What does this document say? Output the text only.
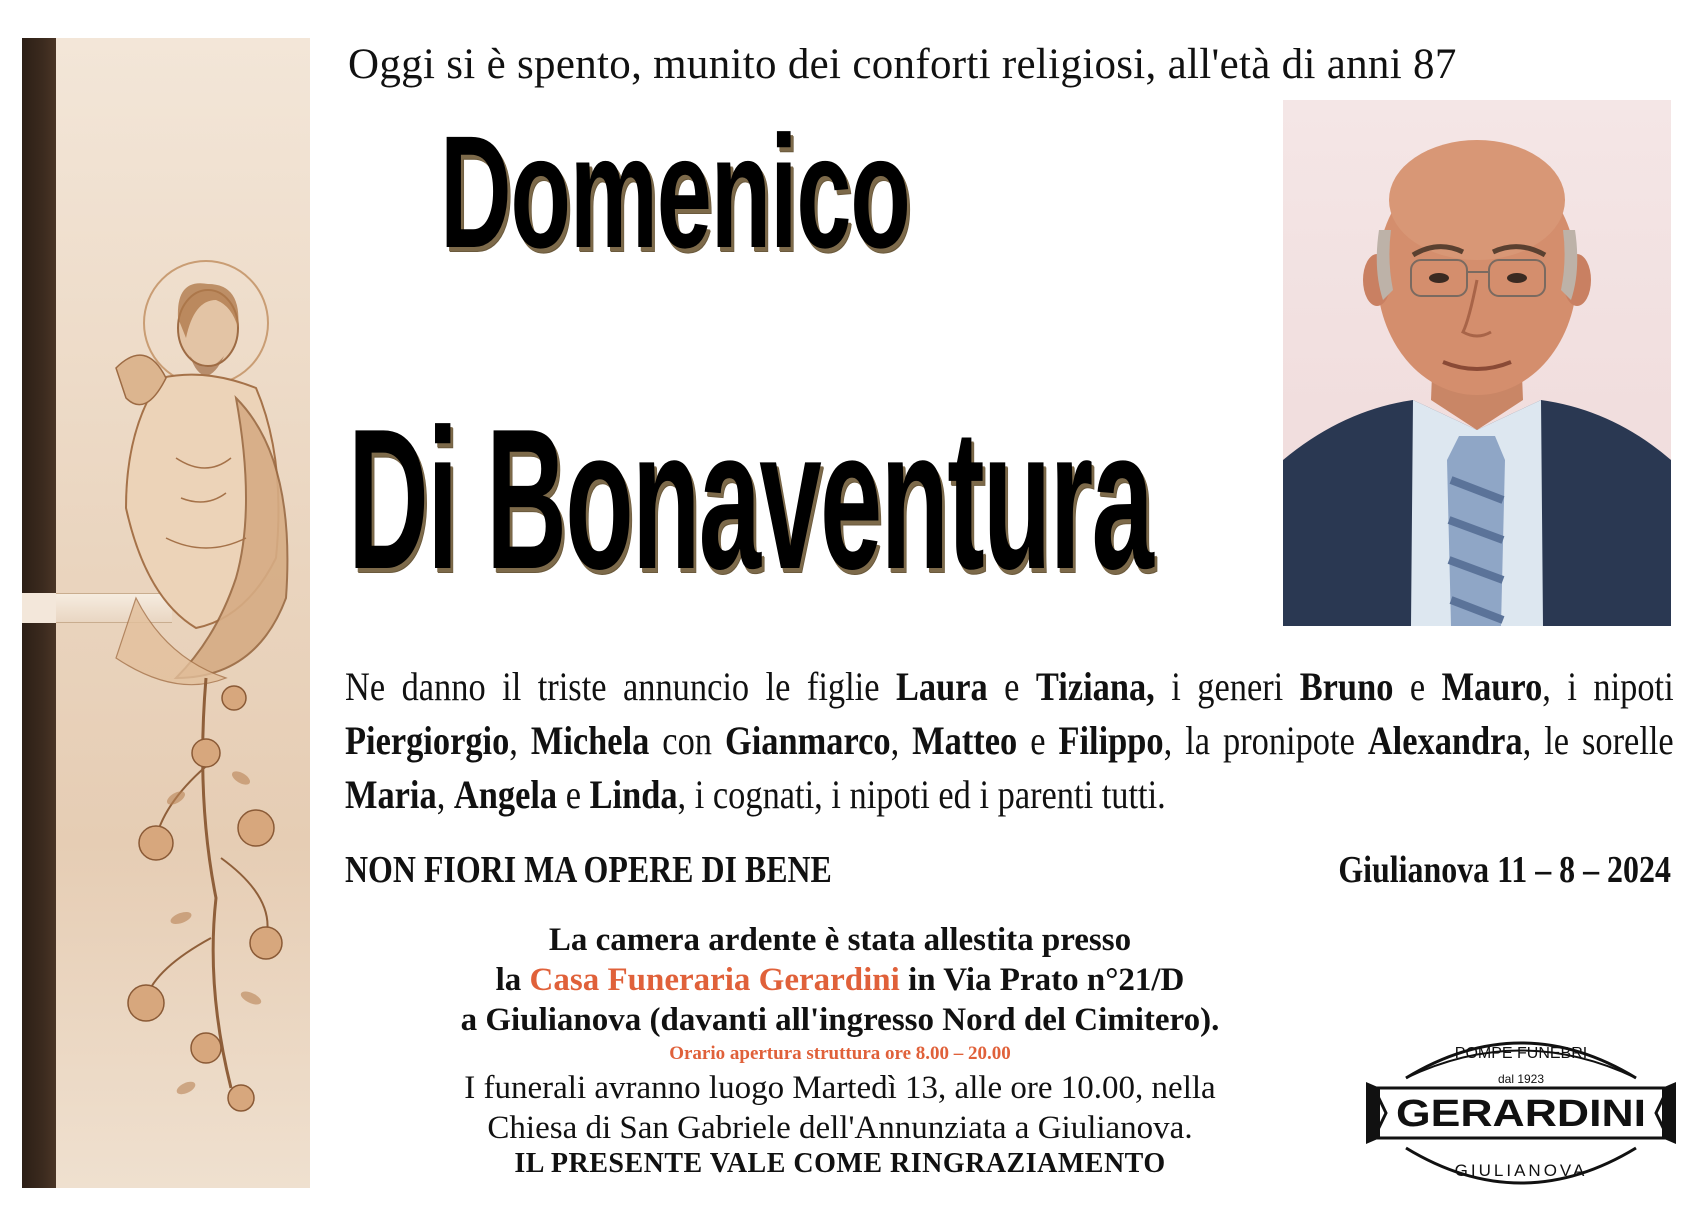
Oggi si è spento, munito dei conforti religiosi, all'età di anni 87
Domenico
Di Bonaventura
Ne danno il triste annuncio le figlie Laura e Tiziana, i generi Bruno e Mauro, i nipoti Piergiorgio, Michela con Gianmarco, Matteo e Filippo, la pronipote Alexandra, le sorelle Maria, Angela e Linda, i cognati, i nipoti ed i parenti tutti.
NON FIORI MA OPERE DI BENE	Giulianova 11 – 8 – 2024
La camera ardente è stata allestita presso
la Casa Funeraria Gerardini in Via Prato n°21/D
a Giulianova (davanti all'ingresso Nord del Cimitero).
Orario apertura struttura ore 8.00 – 20.00
I funerali avranno luogo Martedì 13, alle ore 10.00, nella
Chiesa di San Gabriele dell'Annunziata a Giulianova.
IL PRESENTE VALE COME RINGRAZIAMENTO
POMPE FUNEBRI
dal 1923
GERARDINI
GIULIANOVA
